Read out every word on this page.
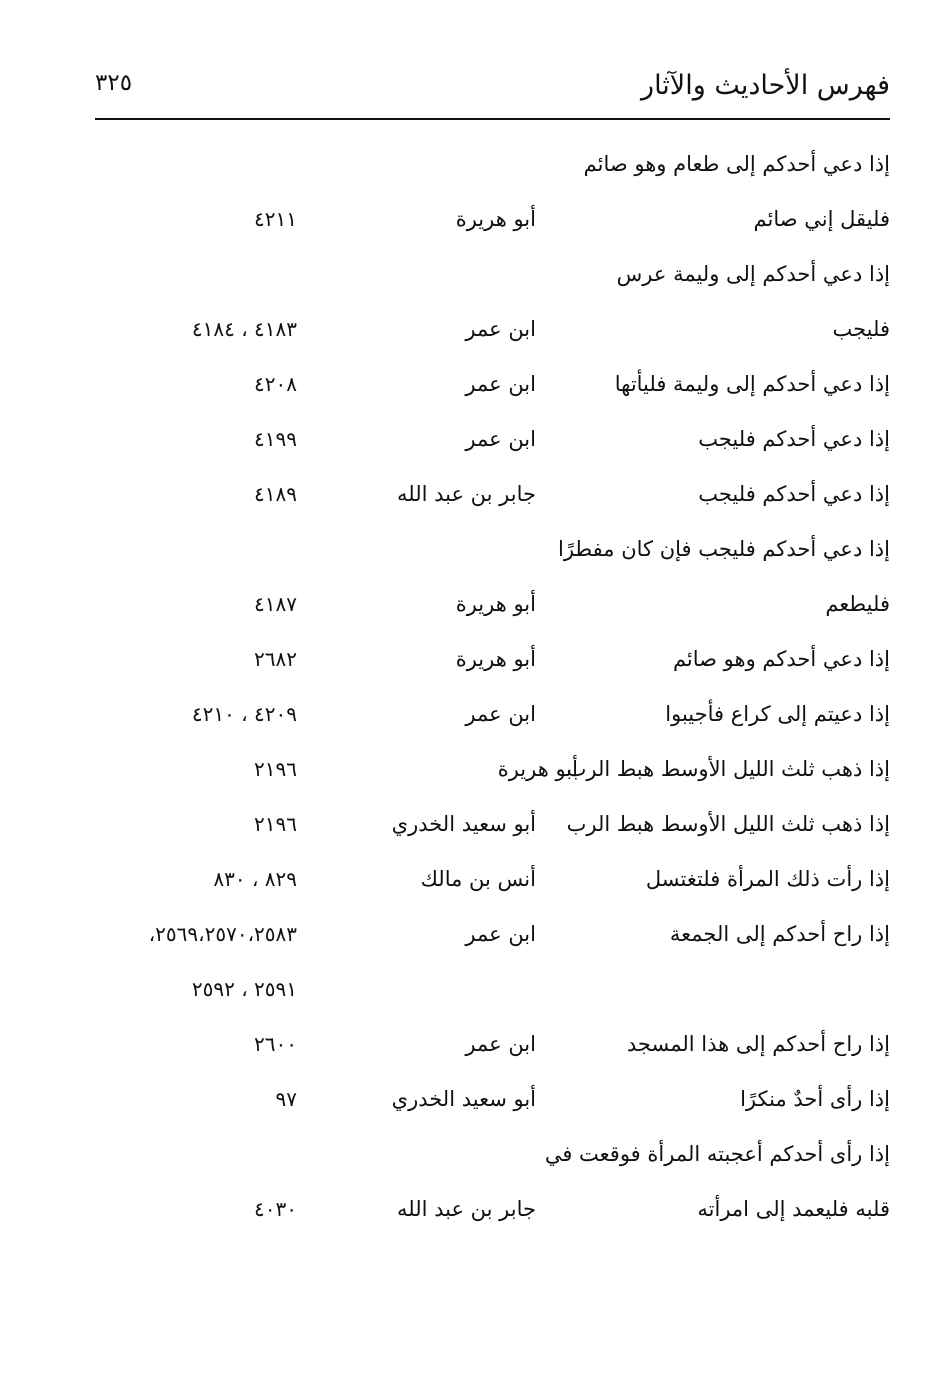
فهرس الأحاديث والآثار
٣٢٥
إذا دعي أحدكم إلى طعام وهو صائم
فليقل إني صائم
أبو هريرة
٤٢١١
إذا دعي أحدكم إلى وليمة عرس
فليجب
ابن عمر
٤١٨٣ ، ٤١٨٤
إذا دعي أحدكم إلى وليمة فليأتها
ابن عمر
٤٢٠٨
إذا دعي أحدكم فليجب
ابن عمر
٤١٩٩
إذا دعي أحدكم فليجب
جابر بن عبد الله
٤١٨٩
إذا دعي أحدكم فليجب فإن كان مفطرًا
فليطعم
أبو هريرة
٤١٨٧
إذا دعي أحدكم وهو صائم
أبو هريرة
٢٦٨٢
إذا دعيتم إلى كراع فأجيبوا
ابن عمر
٤٢٠٩ ، ٤٢١٠
إذا ذهب ثلث الليل الأوسط هبط الرب
أبو هريرة
٢١٩٦
إذا ذهب ثلث الليل الأوسط هبط الرب
أبو سعيد الخدري
٢١٩٦
إذا رأت ذلك المرأة فلتغتسل
أنس بن مالك
٨٢٩ ، ٨٣٠
إذا راح أحدكم إلى الجمعة
ابن عمر
٢٥٦٩،٢٥٧٠،٢٥٨٣،
٢٥٩١ ، ٢٥٩٢
إذا راح أحدكم إلى هذا المسجد
ابن عمر
٢٦٠٠
إذا رأى أحدٌ منكرًا
أبو سعيد الخدري
٩٧
إذا رأى أحدكم أعجبته المرأة فوقعت في
قلبه فليعمد إلى امرأته
جابر بن عبد الله
٤٠٣٠
